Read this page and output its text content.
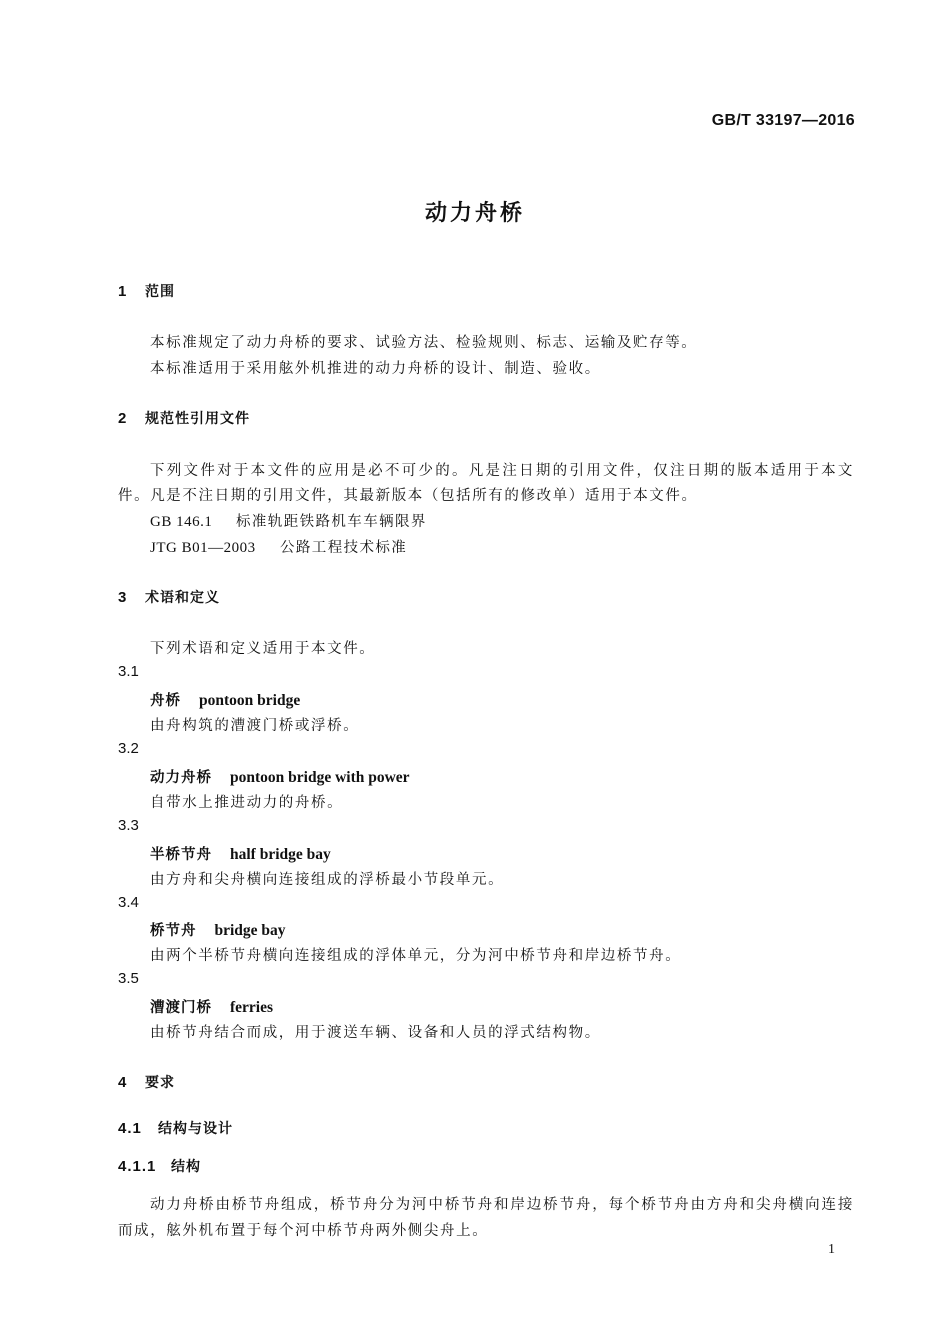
GB/T 33197—2016
动力舟桥
1 范围
本标准规定了动力舟桥的要求、试验方法、检验规则、标志、运输及贮存等。
本标准适用于采用舷外机推进的动力舟桥的设计、制造、验收。
2 规范性引用文件
下列文件对于本文件的应用是必不可少的。凡是注日期的引用文件，仅注日期的版本适用于本文
件。凡是不注日期的引用文件，其最新版本（包括所有的修改单）适用于本文件。
GB 146.1 标准轨距铁路机车车辆限界
JTG B01—2003 公路工程技术标准
3 术语和定义
下列术语和定义适用于本文件。
3.1
舟桥 pontoon bridge
由舟构筑的漕渡门桥或浮桥。
3.2
动力舟桥 pontoon bridge with power
自带水上推进动力的舟桥。
3.3
半桥节舟 half bridge bay
由方舟和尖舟横向连接组成的浮桥最小节段单元。
3.4
桥节舟 bridge bay
由两个半桥节舟横向连接组成的浮体单元，分为河中桥节舟和岸边桥节舟。
3.5
漕渡门桥 ferries
由桥节舟结合而成，用于渡送车辆、设备和人员的浮式结构物。
4 要求
4.1 结构与设计
4.1.1 结构
动力舟桥由桥节舟组成，桥节舟分为河中桥节舟和岸边桥节舟，每个桥节舟由方舟和尖舟横向连接
而成，舷外机布置于每个河中桥节舟两外侧尖舟上。
1
